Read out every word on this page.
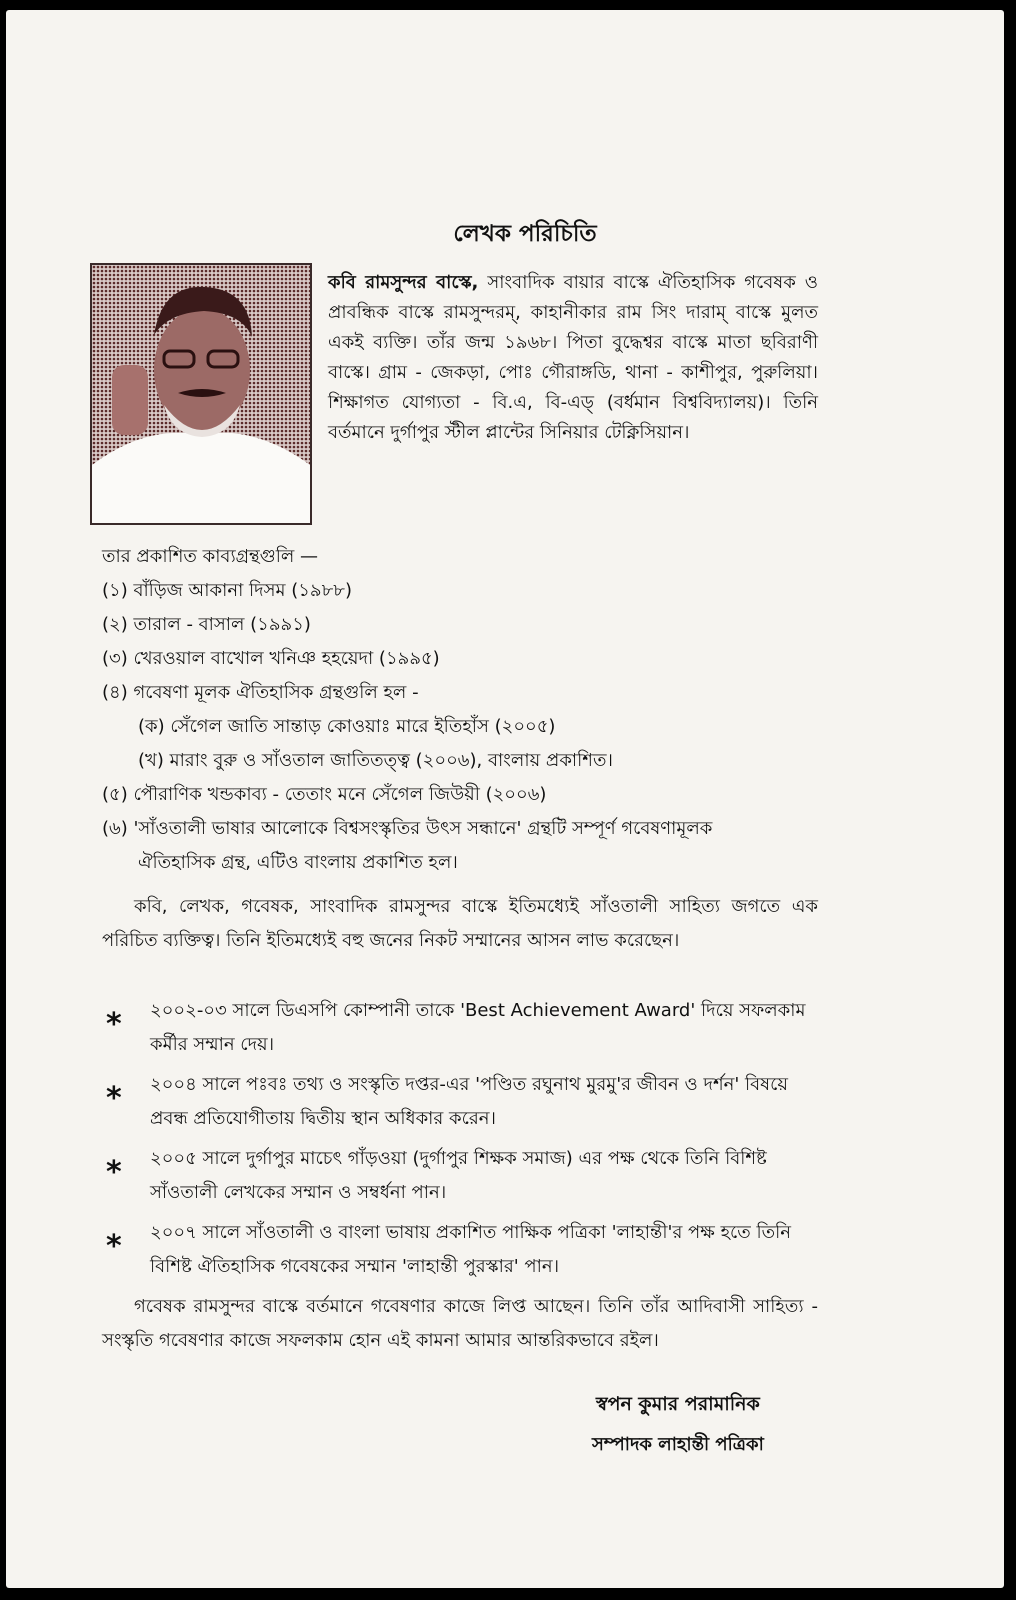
লেখক পরিচিতি
কবি রামসুন্দর বাস্কে, সাংবাদিক বায়ার বাস্কে ঐতিহাসিক গবেষক ও প্রাবন্ধিক বাস্কে রামসুন্দরম্, কাহানীকার রাম সিং দারাম্ বাস্কে মুলত একই ব্যক্তি। তাঁর জন্ম ১৯৬৮। পিতা বুদ্ধেশ্বর বাস্কে মাতা ছবিরাণী বাস্কে। গ্রাম - জেকড়া, পোঃ গৌরাঙ্গডি, থানা - কাশীপুর, পুরুলিয়া। শিক্ষাগত যোগ্যতা - বি.এ, বি-এড্ (বর্ধমান বিশ্ববিদ্যালয়)। তিনি বর্তমানে দুর্গাপুর স্টীল প্লান্টের সিনিয়ার টেক্নিসিয়ান।

তার প্রকাশিত কাব্যগ্রন্থগুলি —

(১) বাঁড়িজ আকানা দিসম (১৯৮৮)

(২) তারাল - বাসাল (১৯৯১)

(৩) খেরওয়াল বাখোল খনিঞ হহয়েদা (১৯৯৫)

(৪) গবেষণা মূলক ঐতিহাসিক গ্রন্থগুলি হল -

(ক) সেঁগেল জাতি সান্তাড় কোওয়াঃ মারে ইতিহাঁস (২০০৫)

(খ) মারাং বুরু ও সাঁওতাল জাতিতত্ত্ব (২০০৬), বাংলায় প্রকাশিত।

(৫) পৌরাণিক খন্ডকাব্য - তেতাং মনে সেঁগেল জিউয়ী (২০০৬)

(৬) 'সাঁওতালী ভাষার আলোকে বিশ্বসংস্কৃতির উৎস সন্ধানে' গ্রন্থটি সম্পূর্ণ গবেষণামূলক

ঐতিহাসিক গ্রন্থ, এটিও বাংলায় প্রকাশিত হল।

কবি, লেখক, গবেষক, সাংবাদিক রামসুন্দর বাস্কে ইতিমধ্যেই সাঁওতালী সাহিত্য জগতে এক পরিচিত ব্যক্তিত্ব। তিনি ইতিমধ্যেই বহু জনের নিকট সম্মানের আসন লাভ করেছেন।
* ২০০২-০৩ সালে ডিএসপি কোম্পানী তাকে 'Best Achievement Award' দিয়ে সফলকাম কর্মীর সম্মান দেয়।
* ২০০৪ সালে পঃবঃ তথ্য ও সংস্কৃতি দপ্তর-এর 'পণ্ডিত রঘুনাথ মুরমু'র জীবন ও দর্শন' বিষয়ে প্রবন্ধ প্রতিযোগীতায় দ্বিতীয় স্থান অধিকার করেন।
* ২০০৫ সালে দুর্গাপুর মাচেৎ গাঁড়ওয়া (দুর্গাপুর শিক্ষক সমাজ) এর পক্ষ থেকে তিনি বিশিষ্ট সাঁওতালী লেখকের সম্মান ও সম্বর্ধনা পান।
* ২০০৭ সালে সাঁওতালী ও বাংলা ভাষায় প্রকাশিত পাক্ষিক পত্রিকা 'লাহান্তী'র পক্ষ হতে তিনি বিশিষ্ট ঐতিহাসিক গবেষকের সম্মান 'লাহান্তী পুরস্কার' পান।
গবেষক রামসুন্দর বাস্কে বর্তমানে গবেষণার কাজে লিপ্ত আছেন। তিনি তাঁর আদিবাসী সাহিত্য - সংস্কৃতি গবেষণার কাজে সফলকাম হোন এই কামনা আমার আন্তরিকভাবে রইল।
স্বপন কুমার পরামানিক
সম্পাদক লাহান্তী পত্রিকা
